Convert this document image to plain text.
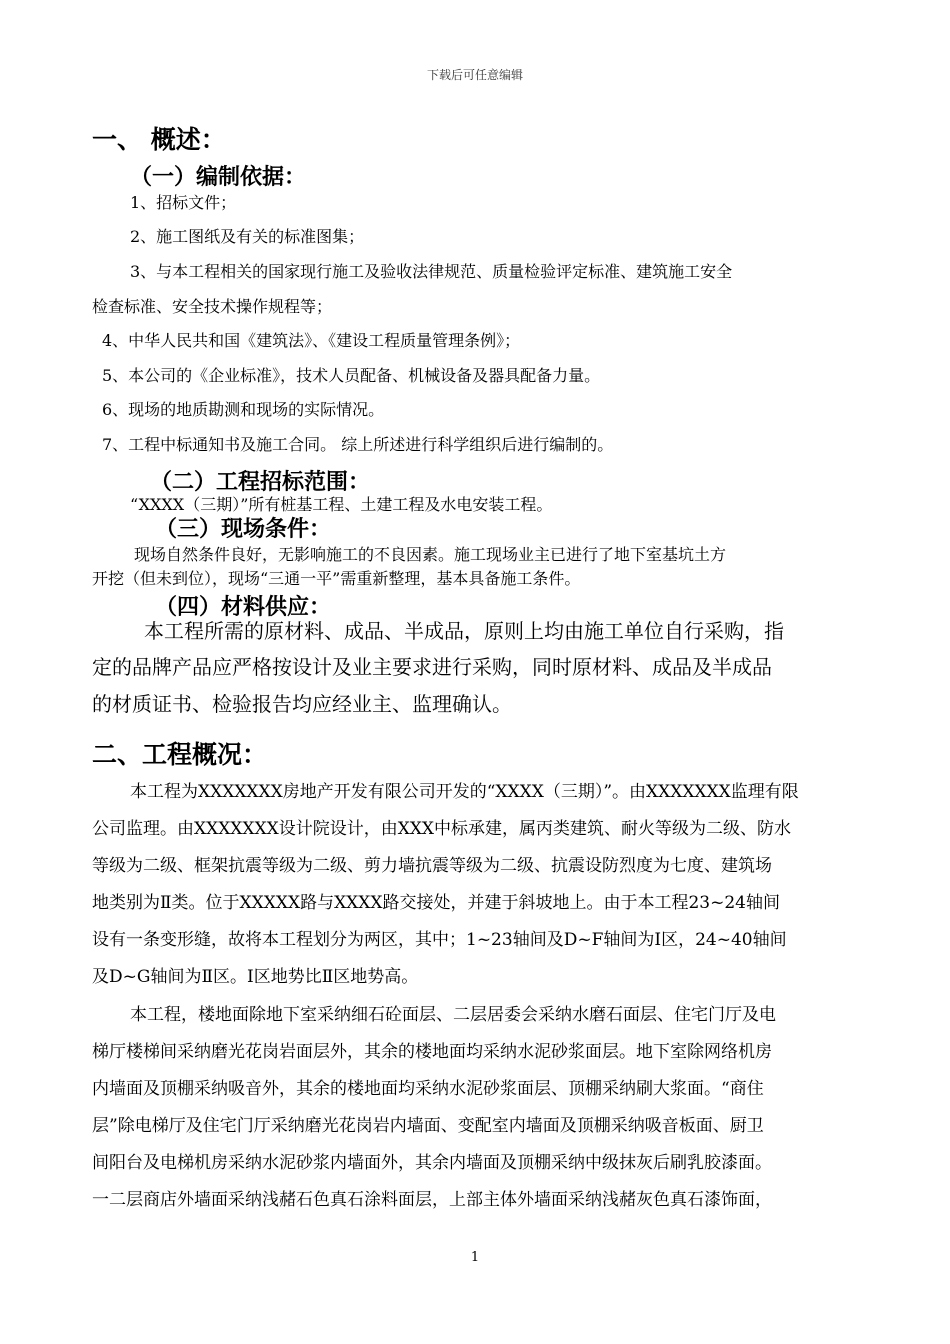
下载后可任意编辑
一、 概述：
（一）编制依据：
1、招标文件；
2、施工图纸及有关的标准图集；
3、与本工程相关的国家现行施工及验收法律规范、质量检验评定标准、建筑施工安全
检查标准、安全技术操作规程等；
4、中华人民共和国《建筑法》、《建设工程质量管理条例》；
5、本公司的《企业标准》，技术人员配备、机械设备及器具配备力量。
6、现场的地质勘测和现场的实际情况。
7、工程中标通知书及施工合同。 综上所述进行科学组织后进行编制的。
（二）工程招标范围：
“XXXX（三期）”所有桩基工程、土建工程及水电安装工程。
（三）现场条件：
现场自然条件良好，无影响施工的不良因素。施工现场业主已进行了地下室基坑土方
开挖（但未到位），现场“三通一平”需重新整理，基本具备施工条件。
（四）材料供应：
本工程所需的原材料、成品、半成品，原则上均由施工单位自行采购，指
定的品牌产品应严格按设计及业主要求进行采购，同时原材料、成品及半成品
的材质证书、检验报告均应经业主、监理确认。
二、工程概况：
本工程为XXXXXXX房地产开发有限公司开发的“XXXX（三期）”。由XXXXXXX监理有限
公司监理。由XXXXXXX设计院设计，由XXX中标承建，属丙类建筑、耐火等级为二级、防水
等级为二级、框架抗震等级为二级、剪力墙抗震等级为二级、抗震设防烈度为七度、建筑场
地类别为Ⅱ类。位于XXXXX路与XXXX路交接处，并建于斜坡地上。由于本工程23~24轴间
设有一条变形缝，故将本工程划分为两区，其中；1~23轴间及D~F轴间为Ⅰ区，24~40轴间
及D~G轴间为Ⅱ区。Ⅰ区地势比Ⅱ区地势高。
本工程，楼地面除地下室采纳细石砼面层、二层居委会采纳水磨石面层、住宅门厅及电
梯厅楼梯间采纳磨光花岗岩面层外，其余的楼地面均采纳水泥砂浆面层。地下室除网络机房
内墙面及顶棚采纳吸音外，其余的楼地面均采纳水泥砂浆面层、顶棚采纳刷大浆面。“商住
层”除电梯厅及住宅门厅采纳磨光花岗岩内墙面、变配室内墙面及顶棚采纳吸音板面、厨卫
间阳台及电梯机房采纳水泥砂浆内墙面外，其余内墙面及顶棚采纳中级抹灰后刷乳胶漆面。
一二层商店外墙面采纳浅赭石色真石涂料面层，上部主体外墙面采纳浅赭灰色真石漆饰面，
1
